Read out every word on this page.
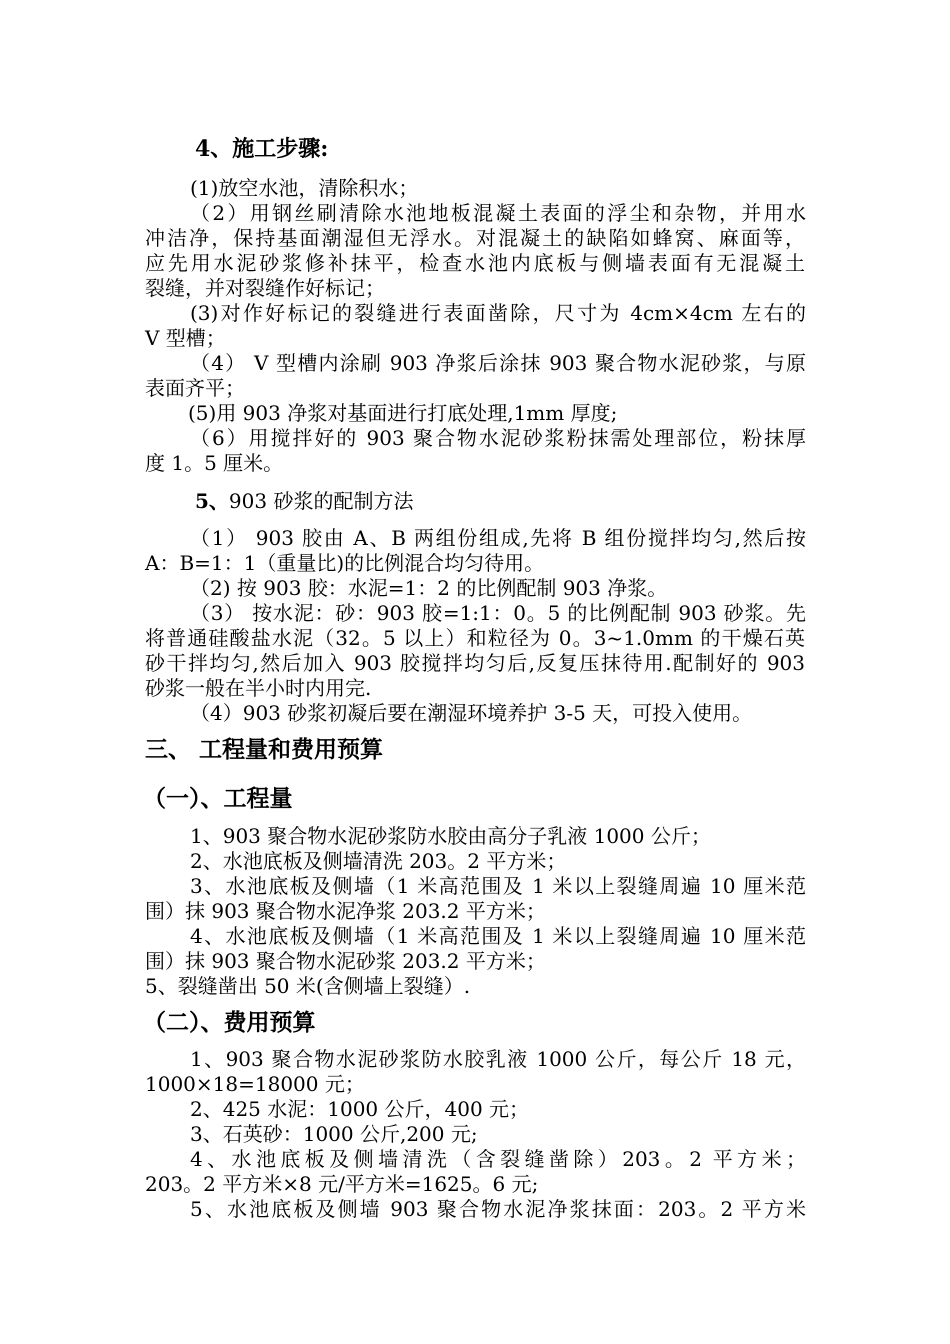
4、施工步骤:
(1)放空水池，清除积水；
（2）用钢丝刷清除水池地板混凝土表面的浮尘和杂物，并用水
冲洁净，保持基面潮湿但无浮水。对混凝土的缺陷如蜂窝、麻面等，
应先用水泥砂浆修补抹平，检查水池内底板与侧墙表面有无混凝土
裂缝，并对裂缝作好标记；
(3)对作好标记的裂缝进行表面凿除，尺寸为 4cm×4cm 左右的
V 型槽；
（4） V 型槽内涂刷 903 净浆后涂抹 903 聚合物水泥砂浆，与原
表面齐平；
(5)用 903 净浆对基面进行打底处理,1mm 厚度;
（6）用搅拌好的 903 聚合物水泥砂浆粉抹需处理部位，粉抹厚
度 1。5 厘米。
5、903 砂浆的配制方法
（1） 903 胶由 A、B 两组份组成,先将 B 组份搅拌均匀,然后按
A：B=1：1（重量比)的比例混合均匀待用。
（2) 按 903 胶：水泥=1：2 的比例配制 903 净浆。
（3） 按水泥：砂：903 胶=1:1：0。5 的比例配制 903 砂浆。先
将普通硅酸盐水泥（32。5 以上）和粒径为 0。3~1.0mm 的干燥石英
砂干拌均匀,然后加入 903 胶搅拌均匀后,反复压抹待用.配制好的 903
砂浆一般在半小时内用完.
（4）903 砂浆初凝后要在潮湿环境养护 3-5 天，可投入使用。
三、 工程量和费用预算
（一）、工程量
1、903 聚合物水泥砂浆防水胶由高分子乳液 1000 公斤；
2、水池底板及侧墙清洗 203。2 平方米；
3、水池底板及侧墙（1 米高范围及 1 米以上裂缝周遍 10 厘米范
围）抹 903 聚合物水泥净浆 203.2 平方米；
4、水池底板及侧墙（1 米高范围及 1 米以上裂缝周遍 10 厘米范
围）抹 903 聚合物水泥砂浆 203.2 平方米；
5、裂缝凿出 50 米(含侧墙上裂缝）.
（二）、费用预算
1、903 聚合物水泥砂浆防水胶乳液 1000 公斤，每公斤 18 元，
1000×18=18000 元；
2、425 水泥：1000 公斤，400 元；
3、石英砂：1000 公斤,200 元;
4、水池底板及侧墙清洗（含裂缝凿除）203。2 平方米；
203。2 平方米×8 元/平方米=1625。6 元;
5、水池底板及侧墙 903 聚合物水泥净浆抹面：203。2 平方米
